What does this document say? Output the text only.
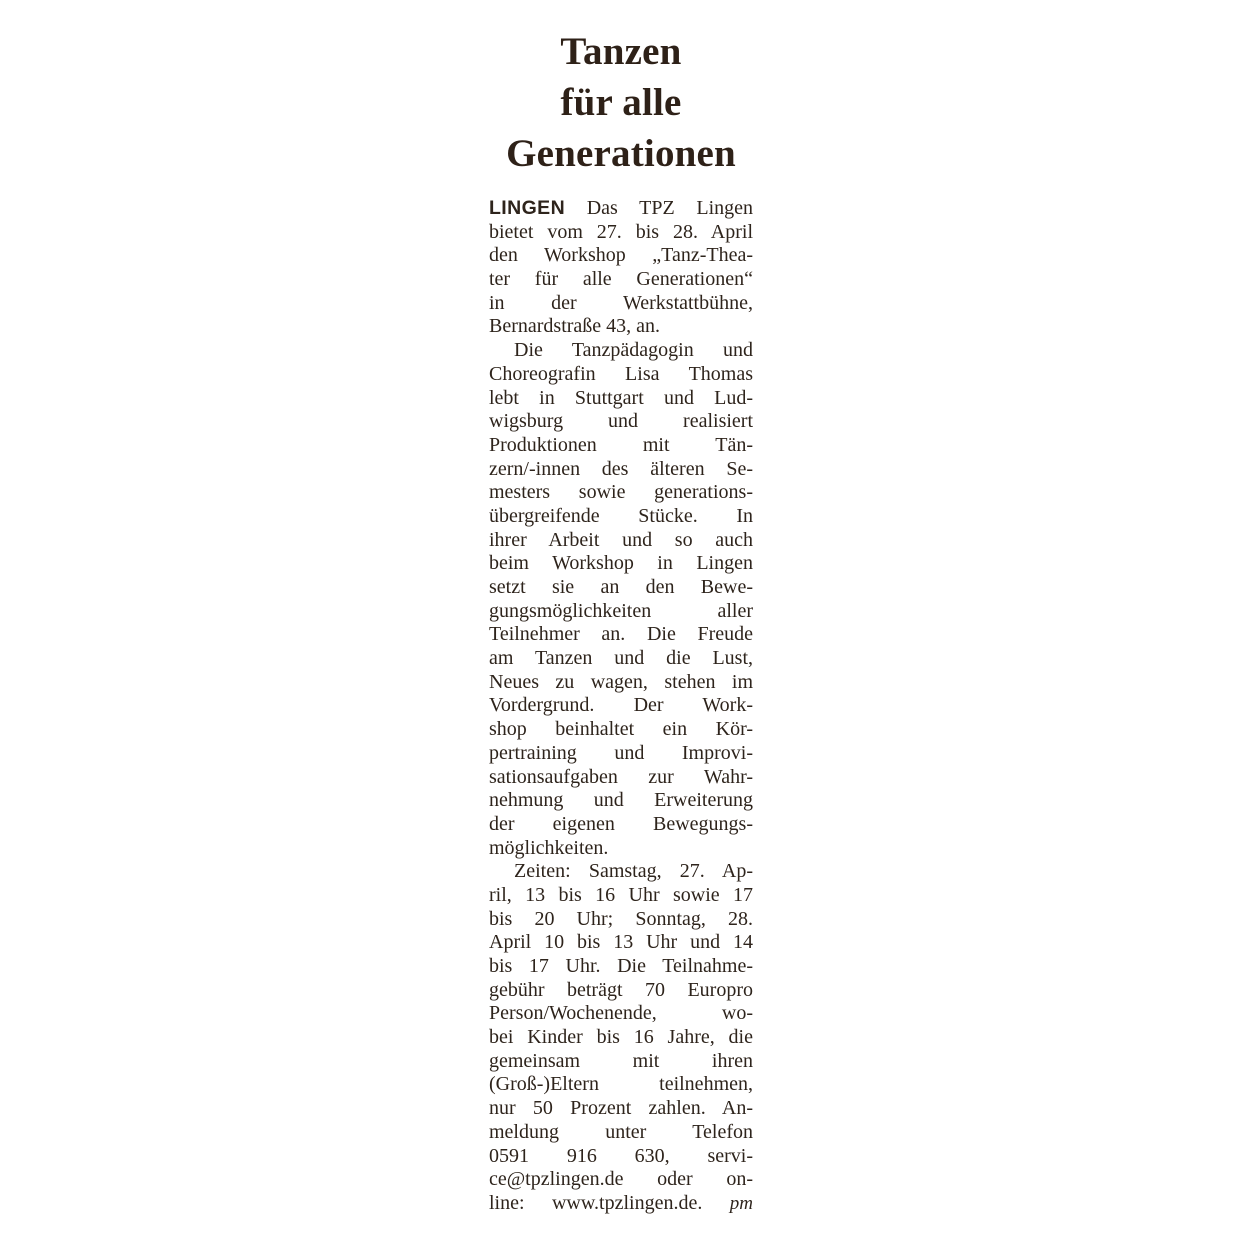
Tanzen
für alle
Generationen
LINGEN Das TPZ Lingen
bietet vom 27. bis 28. April
den Workshop „Tanz-Thea-
ter für alle Generationen“
in der Werkstattbühne,
Bernardstraße 43, an.
Die Tanzpädagogin und
Choreografin Lisa Thomas
lebt in Stuttgart und Lud-
wigsburg und realisiert
Produktionen mit Tän-
zern/-innen des älteren Se-
mesters sowie generations-
übergreifende Stücke. In
ihrer Arbeit und so auch
beim Workshop in Lingen
setzt sie an den Bewe-
gungsmöglichkeiten aller
Teilnehmer an. Die Freude
am Tanzen und die Lust,
Neues zu wagen, stehen im
Vordergrund. Der Work-
shop beinhaltet ein Kör-
pertraining und Improvi-
sationsaufgaben zur Wahr-
nehmung und Erweiterung
der eigenen Bewegungs-
möglichkeiten.
Zeiten: Samstag, 27. Ap-
ril, 13 bis 16 Uhr sowie 17
bis 20 Uhr; Sonntag, 28.
April 10 bis 13 Uhr und 14
bis 17 Uhr. Die Teilnahme-
gebühr beträgt 70 Europro
Person/Wochenende, wo-
bei Kinder bis 16 Jahre, die
gemeinsam mit ihren
(Groß-)Eltern teilnehmen,
nur 50 Prozent zahlen. An-
meldung unter Telefon
0591 916 630, servi-
ce@tpzlingen.de oder on-
line: www.tpzlingen.de. pm
